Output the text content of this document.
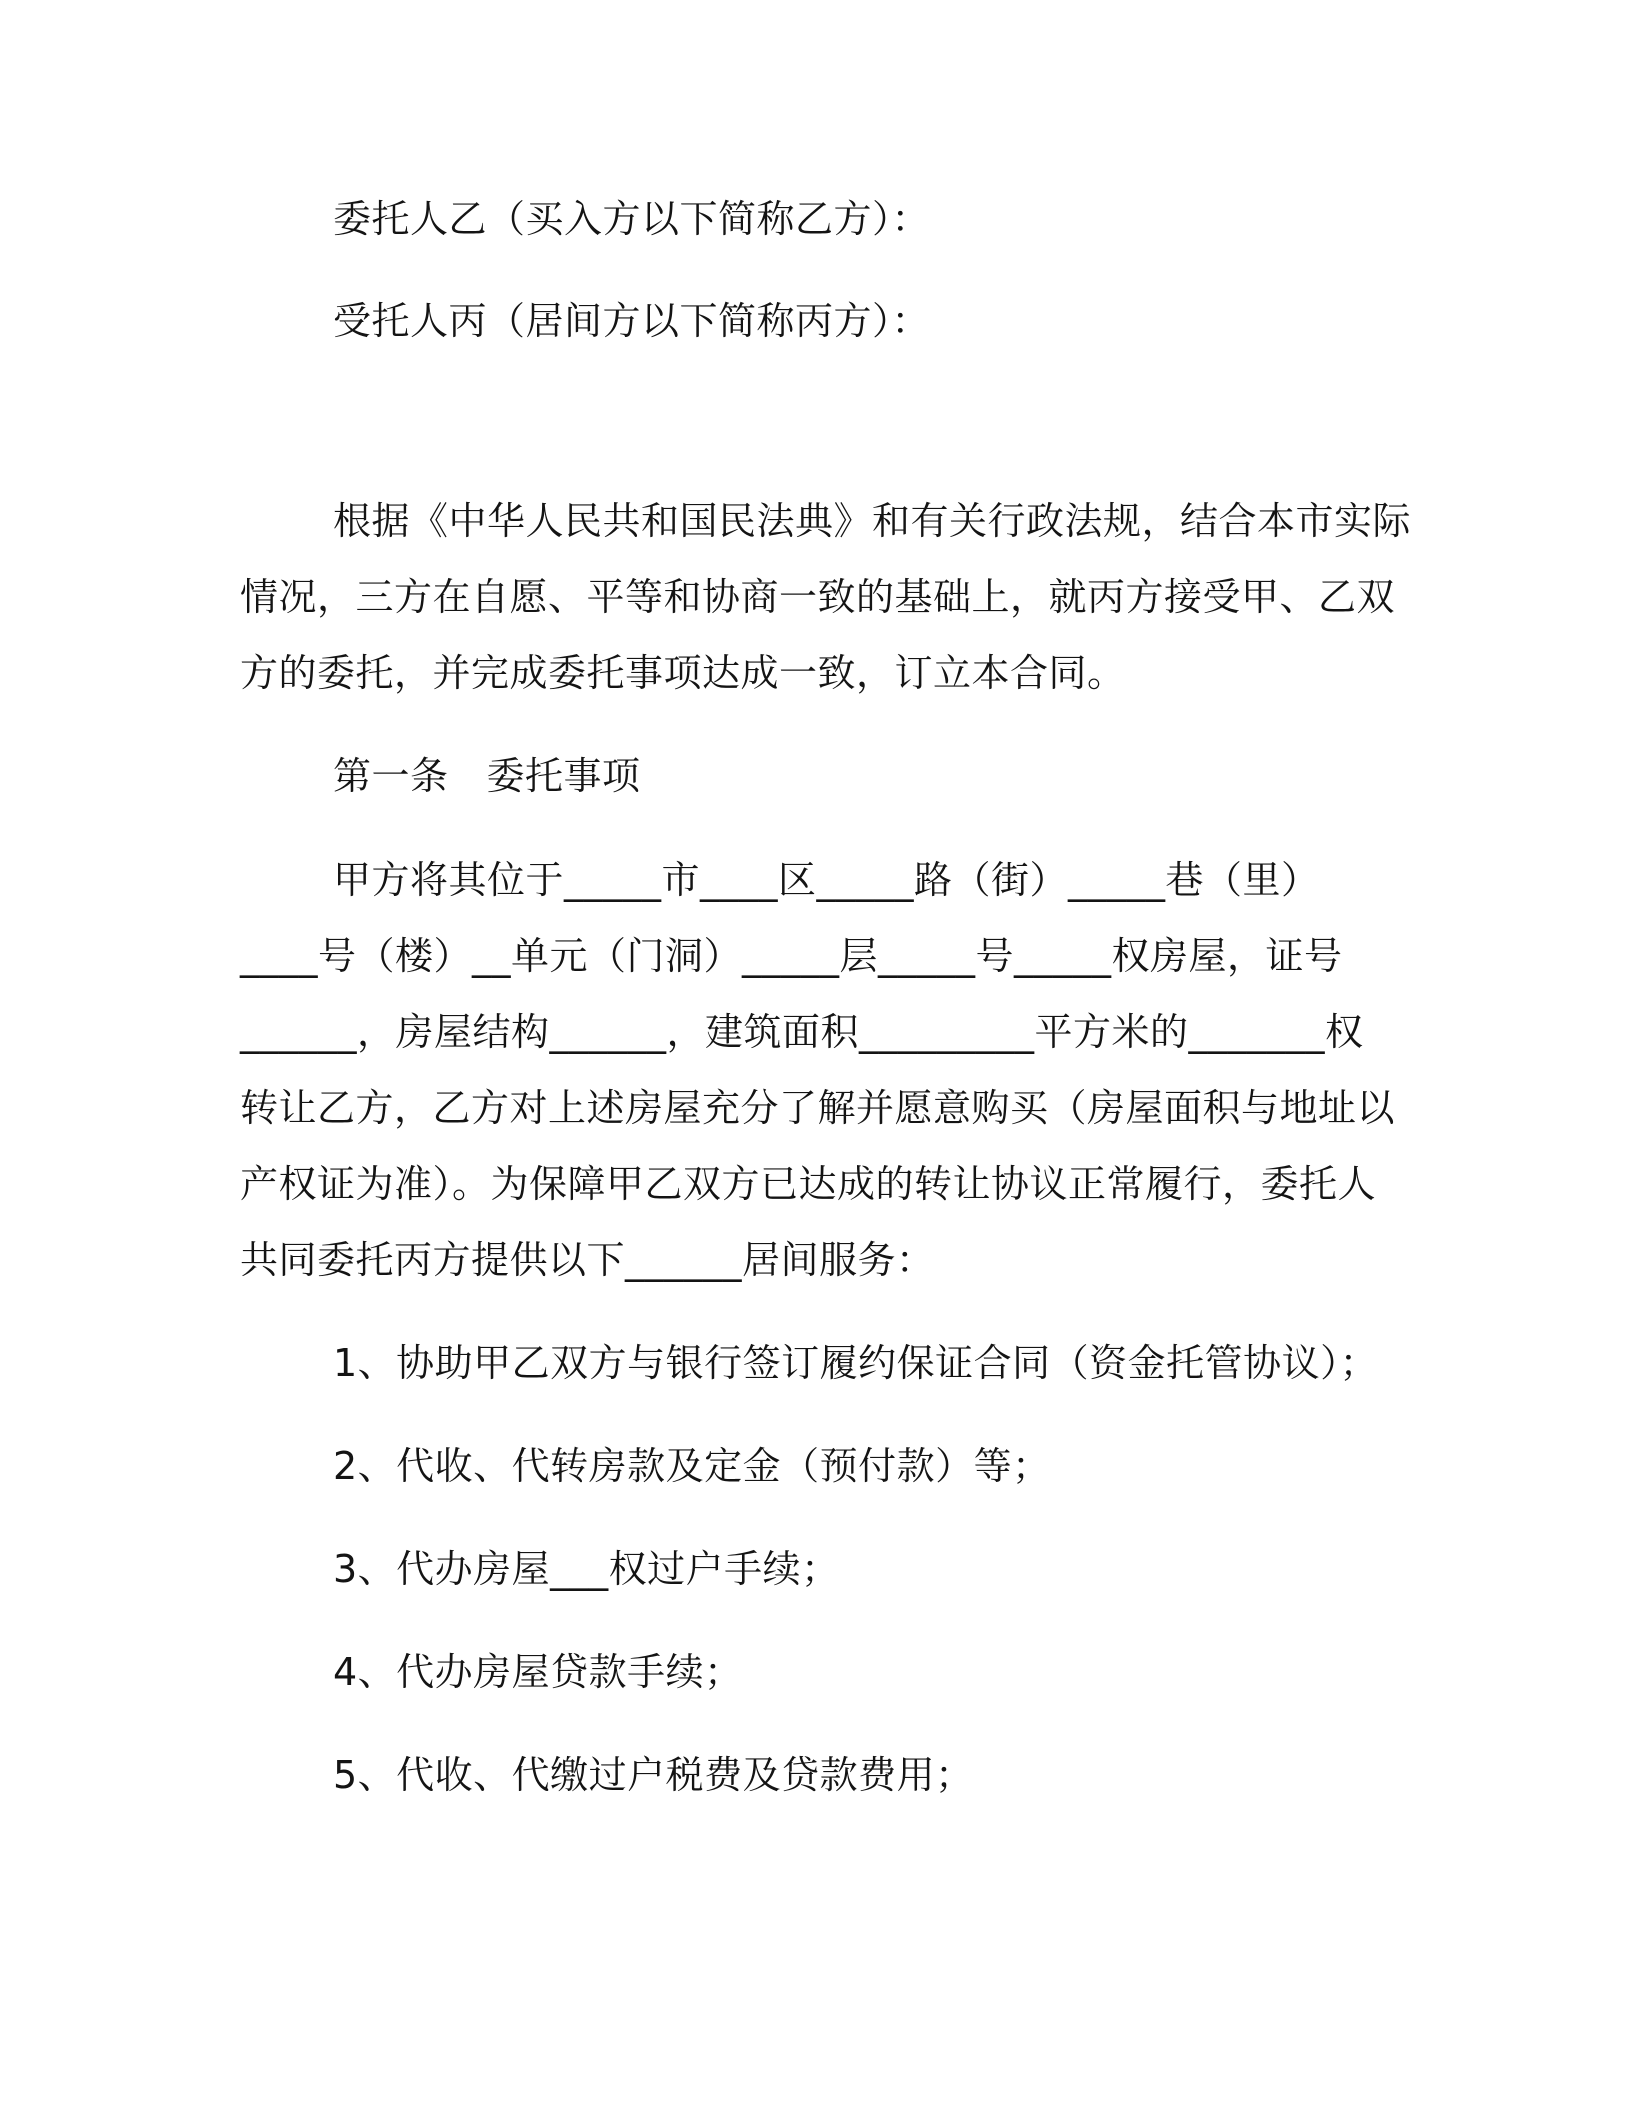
委托人乙（买入方以下简称乙方）：
受托人丙（居间方以下简称丙方）：
根据《中华人民共和国民法典》和有关行政法规，结合本市实际
情况，三方在自愿、平等和协商一致的基础上，就丙方接受甲、乙双
方的委托，并完成委托事项达成一致，订立本合同。
第一条 委托事项
甲方将其位于_____市____区_____路（街）_____巷（里）
____号（楼）__单元（门洞）_____层_____号_____权房屋，证号
______，房屋结构______，建筑面积_________平方米的_______权
转让乙方，乙方对上述房屋充分了解并愿意购买（房屋面积与地址以
产权证为准）。为保障甲乙双方已达成的转让协议正常履行，委托人
共同委托丙方提供以下______居间服务：
1、协助甲乙双方与银行签订履约保证合同（资金托管协议）；
2、代收、代转房款及定金（预付款）等；
3、代办房屋___权过户手续；
4、代办房屋贷款手续；
5、代收、代缴过户税费及贷款费用；
